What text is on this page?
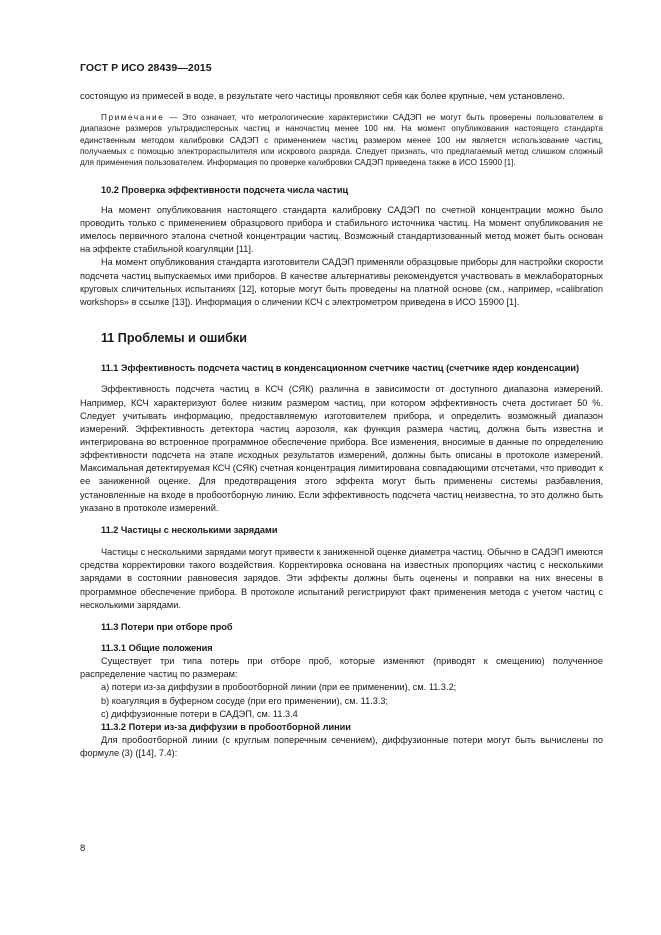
ГОСТ Р ИСО 28439—2015

состоящую из примесей в воде, в результате чего частицы проявляют себя как более крупные, чем установлено.

Примечание — Это означает, что метрологические характеристики САДЭП не могут быть проверены пользователем в диапазоне размеров ультрадисперсных частиц и наночастиц менее 100 нм. На момент опубликования настоящего стандарта единственным методом калибровки САДЭП с применением частиц размером менее 100 нм является использование частиц, получаемых с помощью электрораспылителя или искрового разряда. Следует признать, что предлагаемый метод слишком сложный для применения пользователем. Информация по проверке калибровки САДЭП приведена также в ИСО 15900 [1].

10.2 Проверка эффективности подсчета числа частиц

На момент опубликования настоящего стандарта калибровку САДЭП по счетной концентрации можно было проводить только с применением образцового прибора и стабильного источника частиц. На момент опубликования не имелось первичного эталона счетной концентрации частиц. Возможный стандартизованный метод может быть основан на эффекте стабильной коагуляции [11].

На момент опубликования стандарта изготовители САДЭП применяли образцовые приборы для настройки скорости подсчета частиц выпускаемых ими приборов. В качестве альтернативы рекомендуется участвовать в межлабораторных круговых сличительных испытаниях [12], которые могут быть проведены на платной основе (см., например, «calibration workshops» в ссылке [13]). Информация о сличении КСЧ с электрометром приведена в ИСО 15900 [1].

11 Проблемы и ошибки

11.1 Эффективность подсчета частиц в конденсационном счетчике частиц (счетчике ядер конденсации)

Эффективность подсчета частиц в КСЧ (СЯК) различна в зависимости от доступного диапазона измерений. Например, КСЧ характеризуют более низким размером частиц, при котором эффективность счета достигает 50 %. Следует учитывать информацию, предоставляемую изготовителем прибора, и определить возможный диапазон измерений. Эффективность детектора частиц аэрозоля, как функция размера частиц, должна быть известна и интегрирована во встроенное программное обеспечение прибора. Все изменения, вносимые в данные по определению эффективности подсчета на этапе исходных результатов измерений, должны быть описаны в протоколе измерений. Максимальная детектируемая КСЧ (СЯК) счетная концентрация лимитирована совпадающими отсчетами, что приводит к ее заниженной оценке. Для предотвращения этого эффекта могут быть применены системы разбавления, установленные на входе в пробоотборную линию. Если эффективность подсчета частиц неизвестна, то это должно быть указано в протоколе измерений.

11.2 Частицы с несколькими зарядами

Частицы с несколькими зарядами могут привести к заниженной оценке диаметра частиц. Обычно в САДЭП имеются средства корректировки такого воздействия. Корректировка основана на известных пропорциях частиц с несколькими зарядами в состоянии равновесия зарядов. Эти эффекты должны быть оценены и поправки на них внесены в программное обеспечение прибора. В протоколе испытаний регистрируют факт применения метода с учетом частиц с несколькими зарядами.

11.3 Потери при отборе проб

11.3.1 Общие положения

Существует три типа потерь при отборе проб, которые изменяют (приводят к смещению) полученное распределение частиц по размерам:

a) потери из-за диффузии в пробоотборной линии (при ее применении), см. 11.3.2;

b) коагуляция в буферном сосуде (при его применении), см. 11.3.3;

c) диффузионные потери в САДЭП, см. 11.3.4

11.3.2 Потери из-за диффузии в пробоотборной линии

Для пробоотборной линии (с круглым поперечным сечением), диффузионные потери могут быть вычислены по формуле (3) ([14], 7.4):

8
